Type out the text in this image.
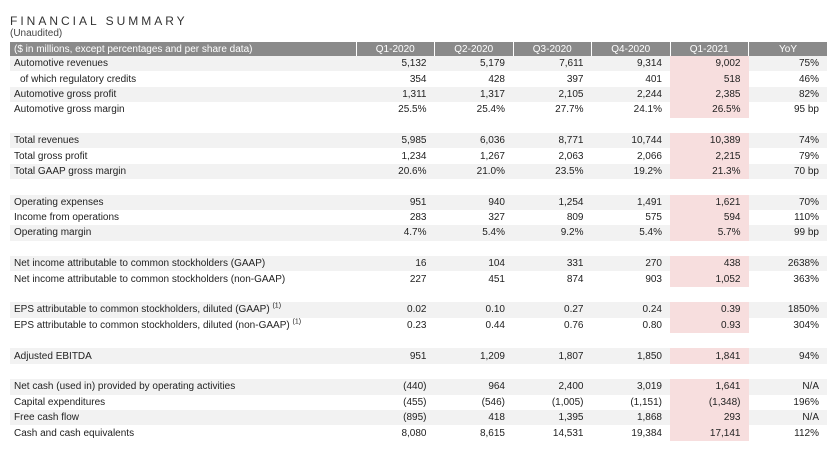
FINANCIAL SUMMARY
(Unaudited)
($ in millions, except percentages and per share data)	Q1-2020	Q2-2020	Q3-2020	Q4-2020	Q1-2021	YoY
Automotive revenues	5,132	5,179	7,611	9,314	9,002	75%
of which regulatory credits	354	428	397	401	518	46%
Automotive gross profit	1,311	1,317	2,105	2,244	2,385	82%
Automotive gross margin	25.5%	25.4%	27.7%	24.1%	26.5%	95 bp

Total revenues	5,985	6,036	8,771	10,744	10,389	74%
Total gross profit	1,234	1,267	2,063	2,066	2,215	79%
Total GAAP gross margin	20.6%	21.0%	23.5%	19.2%	21.3%	70 bp

Operating expenses	951	940	1,254	1,491	1,621	70%
Income from operations	283	327	809	575	594	110%
Operating margin	4.7%	5.4%	9.2%	5.4%	5.7%	99 bp

Net income attributable to common stockholders (GAAP)	16	104	331	270	438	2638%
Net income attributable to common stockholders (non-GAAP)	227	451	874	903	1,052	363%

EPS attributable to common stockholders, diluted (GAAP) $^{(1)}$	0.02	0.10	0.27	0.24	0.39	1850%
EPS attributable to common stockholders, diluted (non-GAAP) $^{(1)}$	0.23	0.44	0.76	0.80	0.93	304%

Adjusted EBITDA	951	1,209	1,807	1,850	1,841	94%

Net cash (used in) provided by operating activities	(440)	964	2,400	3,019	1,641	N/A
Capital expenditures	(455)	(546)	(1,005)	(1,151)	(1,348)	196%
Free cash flow	(895)	418	1,395	1,868	293	N/A
Cash and cash equivalents	8,080	8,615	14,531	19,384	17,141	112%
